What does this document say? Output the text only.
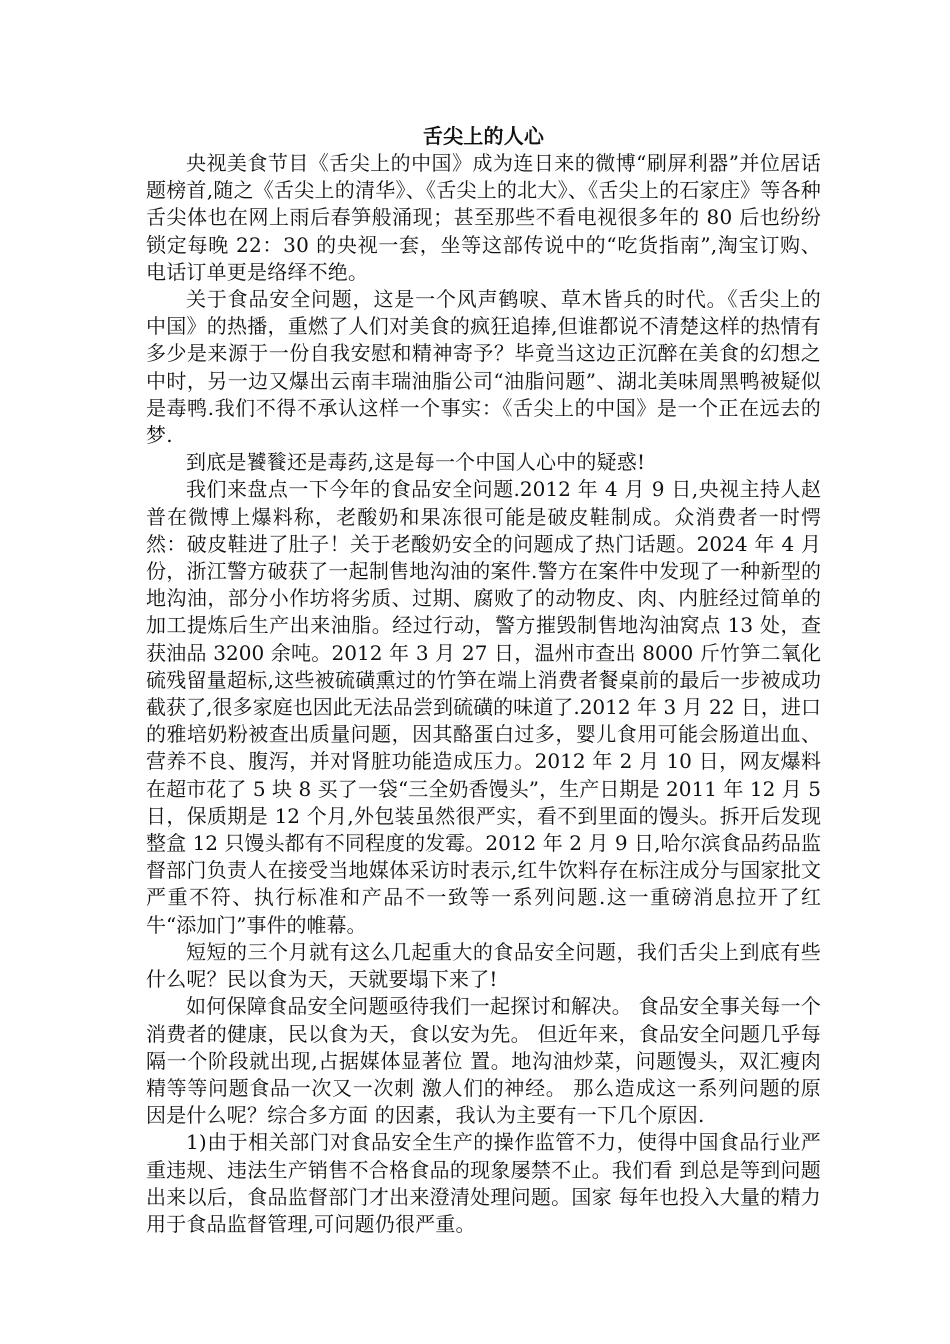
舌尖上的人心

央视美食节目《舌尖上的中国》成为连日来的微博“刷屏利器”并位居话题榜首,随之《舌尖上的清华》、《舌尖上的北大》、《舌尖上的石家庄》等各种舌尖体也在网上雨后春笋般涌现；甚至那些不看电视很多年的 80 后也纷纷锁定每晚 22：30 的央视一套，坐等这部传说中的“吃货指南”,淘宝订购、电话订单更是络绎不绝。

关于食品安全问题，这是一个风声鹤唳、草木皆兵的时代。《舌尖上的中国》的热播，重燃了人们对美食的疯狂追捧,但谁都说不清楚这样的热情有多少是来源于一份自我安慰和精神寄予？毕竟当这边正沉醉在美食的幻想之中时，另一边又爆出云南丰瑞油脂公司“油脂问题”、湖北美味周黑鸭被疑似是毒鸭.我们不得不承认这样一个事实：《舌尖上的中国》是一个正在远去的梦.

到底是饕餮还是毒药,这是每一个中国人心中的疑惑!

我们来盘点一下今年的食品安全问题.2012 年 4 月 9 日,央视主持人赵普在微博上爆料称，老酸奶和果冻很可能是破皮鞋制成。众消费者一时愕然：破皮鞋进了肚子！关于老酸奶安全的问题成了热门话题。2024 年 4 月份，浙江警方破获了一起制售地沟油的案件.警方在案件中发现了一种新型的地沟油，部分小作坊将劣质、过期、腐败了的动物皮、肉、内脏经过简单的加工提炼后生产出来油脂。经过行动，警方摧毁制售地沟油窝点 13 处，查获油品 3200 余吨。2012 年 3 月 27 日，温州市查出 8000 斤竹笋二氧化硫残留量超标,这些被硫磺熏过的竹笋在端上消费者餐桌前的最后一步被成功截获了,很多家庭也因此无法品尝到硫磺的味道了.2012 年 3 月 22 日，进口的雅培奶粉被查出质量问题，因其酪蛋白过多，婴儿食用可能会肠道出血、营养不良、腹泻，并对肾脏功能造成压力。2012 年 2 月 10 日，网友爆料在超市花了 5 块 8 买了一袋“三全奶香馒头”，生产日期是 2011 年 12 月 5 日，保质期是 12 个月,外包装虽然很严实，看不到里面的馒头。拆开后发现整盒 12 只馒头都有不同程度的发霉。2012 年 2 月 9 日,哈尔滨食品药品监督部门负责人在接受当地媒体采访时表示,红牛饮料存在标注成分与国家批文严重不符、执行标准和产品不一致等一系列问题.这一重磅消息拉开了红牛“添加门”事件的帷幕。

短短的三个月就有这么几起重大的食品安全问题，我们舌尖上到底有些什么呢？民以食为天，天就要塌下来了!

如何保障食品安全问题亟待我们一起探讨和解决。 食品安全事关每一个消费者的健康，民以食为天，食以安为先。 但近年来，食品安全问题几乎每隔一个阶段就出现,占据媒体显著位 置。地沟油炒菜，问题馒头，双汇瘦肉精等等问题食品一次又一次刺 激人们的神经。 那么造成这一系列问题的原因是什么呢？综合多方面 的因素，我认为主要有一下几个原因.

1)由于相关部门对食品安全生产的操作监管不力，使得中国食品行业严重违规、违法生产销售不合格食品的现象屡禁不止。我们看 到总是等到问题出来以后，食品监督部门才出来澄清处理问题。国家 每年也投入大量的精力用于食品监督管理,可问题仍很严重。
